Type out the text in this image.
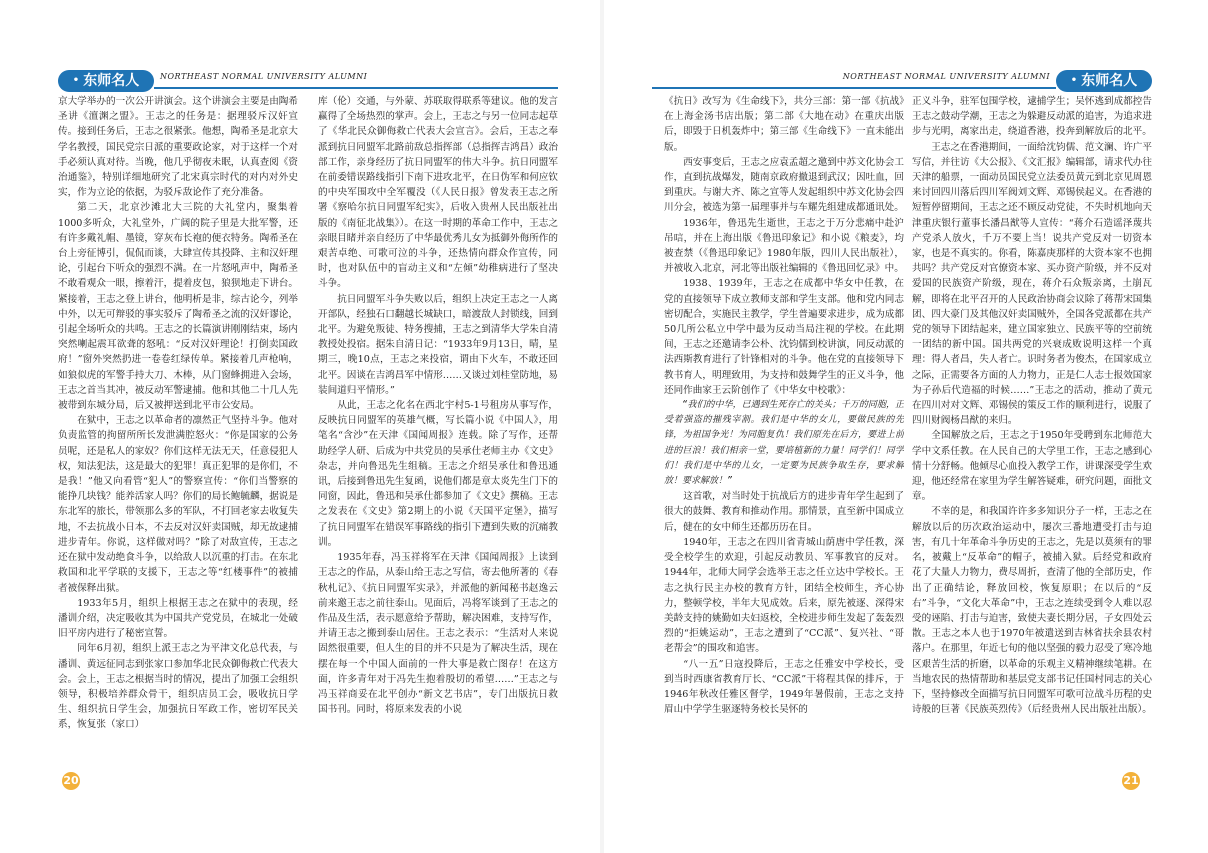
• 东师名人	NORTHEAST NORMAL UNIVERSITY ALUMNI

京大学举办的一次公开讲演会。这个讲演会主要是由陶希圣讲《澶渊之盟》。王志之的任务是：据理驳斥汉奸宣传。接到任务后，王志之很紧张。他想，陶希圣是北京大学名教授，国民党宗日派的重要政论家，对于这样一个对手必须认真对待。当晚，他几乎彻夜未眠，认真查阅《资治通鉴》，特别详细地研究了北宋真宗时代的对内对外史实，作为立论的依据，为驳斥敌论作了充分准备。

第二天，北京沙滩北大三院的大礼堂内，聚集着1000多听众，大礼堂外，广阔的院子里是大批军警，还有许多戴礼帽、墨镜，穿灰布长袍的便衣特务。陶希圣在台上旁征博引，侃侃而谈，大肆宣传其投降、主和汉奸理论，引起台下听众的强烈不满。在一片怒吼声中，陶希圣不敢看观众一眼，擦着汗，提着皮包，狼狈地走下讲台。紧接着，王志之登上讲台，他明析是非，综古论今，列举中外，以无可辩驳的事实驳斥了陶希圣之流的汉奸谬论，引起全场听众的共鸣。王志之的长篇演讲刚刚结束，场内突然喇起震耳欲聋的怒吼：“反对汉奸理论！打倒卖国政府！”窗外突然扔进一卷卷红绿传单。紧接着几声枪响，如狼似虎的军警手持大刀、木棒，从门窗蜂拥进入会场，王志之首当其冲，被反动军警逮捕。他和其他二十几人先被带到东城分局，后又被押送到北平市公安局。

在狱中，王志之以革命者的凛然正气坚持斗争。他对负责监管的拘留所所长发泄满腔怒火：“你是国家的公务员呢，还是私人的家奴？你们这样无法无天，任意侵犯人权，知法犯法，这是最大的犯罪！真正犯罪的是你们，不是我！”他又向看管“犯人”的警察宣传：“你们当警察的能挣几块钱？能养活家人吗？你们的局长鲍毓麟，据说是东北军的旅长，带领那么多的军队，不打回老家去收复失地，不去抗战小日本，不去反对汉奸卖国贼，却无故逮捕进步青年。你说，这样做对吗？”除了对敌宣传，王志之还在狱中发动绝食斗争，以给敌人以沉重的打击。在东北救国和北平学联的支援下，王志之等“红楼事件”的被捕者被保释出狱。

1933年5月，组织上根据王志之在狱中的表现，经潘训介绍，决定吸收其为中国共产党党员，在城北一处破旧平房内进行了秘密宣誓。

同年6月初，组织上派王志之为平津文化总代表，与潘训、黄远征同志到张家口参加华北民众御侮救亡代表大会。会上，王志之根据当时的情况，提出了加强工会组织领导，积极培养群众骨干，组织店员工会，吸收抗日学生、组织抗日学生会，加强抗日军政工作，密切军民关系，恢复张（家口）

库（伦）交通，与外蒙、苏联取得联系等建议。他的发言赢得了全场热烈的掌声。会上，王志之与另一位同志起草了《华北民众御侮救亡代表大会宣言》。会后，王志之奉派到抗日同盟军北路前敌总指挥部（总指挥吉鸿昌）政治部工作，亲身经历了抗日同盟军的伟大斗争。抗日同盟军在前委错误路线指引下南下进攻北平，在日伪军和何应钦的中央军围攻中全军覆没（《人民日报》曾发表王志之所署《察哈尔抗日同盟军纪实》，后收入贵州人民出版社出版的《南征北战集》）。在这一时期的革命工作中，王志之亲眼目睹并亲自经历了中华最优秀儿女为抵御外侮所作的艰苦卓绝、可歌可泣的斗争，还热情向群众作宣传，同时，也对队伍中的盲动主义和“左倾”幼稚病进行了坚决斗争。

抗日同盟军斗争失败以后，组织上决定王志之一人离开部队，经独石口翻越长城缺口，暗渡敌人封锁线，回到北平。为避免叛徒、特务搜捕，王志之到清华大学朱自清教授处投宿。据朱自清日记：“1933年9月13日，晴，星期三，晚10点，王志之来投宿，谓由下火车，不敢还回北平。因谈在吉鸿昌军中情形……又谈过刘桂堂防地，易装间道归平情形。”

从此，王志之化名在西北宇村5-1号租房从事写作，反映抗日同盟军的英雄气概，写长篇小说《中国人》，用笔名“含沙”在天津《国闻周报》连载。除了写作，还帮助经学人研、后成为中共党员的吴承仕老师主办《文史》杂志，并向鲁迅先生组稿。王志之介绍吴承仕和鲁迅通讯，后接到鲁迅先生复函，说他们都是章太炎先生门下的同窗，因此，鲁迅和吴承仕都参加了《文史》撰稿。王志之发表在《文史》第2期上的小说《天国平定堡》，描写了抗日同盟军在错误军事路线的指引下遭到失败的沉痛教训。

1935年春，冯玉祥将军在天津《国闻周报》上读到王志之的作品，从泰山给王志之写信，寄去他所著的《春秋札记》、《抗日同盟军实录》，并派他的新闻秘书赵逸云前来邀王志之前往泰山。见面后，冯将军谈到了王志之的作品及生活，表示愿意给予帮助，解决困难，支持写作，并请王志之搬到泰山居住。王志之表示：“生活对人来说固然很重要，但人生的目的并不只是为了解决生活，现在摆在每一个中国人面前的一件大事是救亡图存！在这方面，许多青年对于冯先生抱着殷切的希望……”王志之与冯玉祥商妥在北平创办“新文艺书店”，专门出版抗日救国书刊。同时，将原来发表的小说

20
NORTHEAST NORMAL UNIVERSITY ALUMNI	• 东师名人

《抗日》改写为《生命线下》，共分三部：第一部《抗战》在上海金汤书店出版；第二部《大地在动》在重庆出版后，即毁于日机轰炸中；第三部《生命线下》一直未能出版。

西安事变后，王志之应袁孟超之邀到中苏文化协会工作，直到抗战爆发，随南京政府撤退到武汉；因吐血，回到重庆。与谢大齐、陈之宣等人发起组织中苏文化协会四川分会，被选为第一届理事并与车耀先组建成都通讯处。

1936年，鲁迅先生逝世，王志之于万分悲痛中赴沪吊唁，并在上海出版《鲁迅印象记》和小说《粮麦》，均被查禁（《鲁迅印象记》1980年版，四川人民出版社），并被收入北京，河北等出版社编辑的《鲁迅回忆录》中。

1938、1939年，王志之在成都中华女中任教，在党的直接领导下成立教师支部和学生支部。他和党内同志密切配合，实施民主教学，学生普遍要求进步，成为成都50几所公私立中学中最为反动当局注视的学校。在此期间，王志之还邀请李公朴、沈钧儒到校讲演，同反动派的法西斯教育进行了针锋相对的斗争。他在党的直接领导下教书育人，明理致用，为支持和鼓舞学生的正义斗争，他还同作曲家王云阶创作了《中华女中校歌》：

“我们的中华，已遇到生死存亡的关头；千万的同胞，正受着强盗的摧残宰割。我们是中华的女儿，要做民族的先锋，为祖国争光！为同胞复仇！我们原先在后方，要进上前进的巨浪！我们相亲一堂，要培植新的力量！同学们！同学们！我们是中华的儿女，一定要为民族争取生存，要求解放！要求解放！”

这首歌，对当时处于抗战后方的进步青年学生起到了很大的鼓舞、教育和推动作用。那情景，直至新中国成立后，健在的女中师生还都历历在目。

1940年，王志之在四川省青城山荫唐中学任教，深受全校学生的欢迎，引起反动教员、军事教官的反对。1944年，北师大同学会选举王志之任立达中学校长。王志之执行民主办校的教育方针，团结全校师生，齐心协力，整顿学校，半年大见成效。后来，原先被逐、深得宋美龄支持的姚勤如夫妇返校，全校进步师生发起了轰轰烈烈的“拒姚运动”，王志之遭到了“CC派”、复兴社、“哥老帮会”的围攻和追害。

“八一五”日寇投降后，王志之任雅安中学校长，受到当时西康省教育厅长、“CC派”干将程其保的排斥，于1946年秋改任雅区督学，1949年暑假前，王志之支持眉山中学学生驱逐特务校长吴怀的

正义斗争，驻军包围学校，逮捕学生；吴怀逃到成都控告王志之鼓动学潮，王志之为躲避反动派的追害，为追求进步与光明，离家出走，绕道香港，投奔到解放后的北平。

王志之在香港期间，一面给沈钧儒、范文澜、许广平写信，并往访《大公报》、《文汇报》编辑部，请求代办往天津的船票，一面动员国民党立法委员黄元到北京见周恩来讨回四川落后四川军阀刘文辉、邓锡侯起义。在香港的短暂停留期间，王志之还不顾反动党徒，不失时机地向天津重庆银行董事长潘昌猷等人宣传：“蒋介石造谣泽蔑共产党杀人放火，千万不要上当！说共产党反对一切资本家，也是不真实的。你看，陈嘉庚那样的大资本家不也拥共吗？共产党反对官僚资本家、买办资产阶级，并不反对爱国的民族资产阶级，现在，蒋介石众叛亲离，土崩瓦解，即将在北平召开的人民政治协商会议除了蒋帮宋国集团、四大豪门及其他汉奸卖国贼外，全国各党派都在共产党的领导下团结起来，建立国家独立、民族平等的空前统一团结的新中国。国共两党的兴衰成败说明这样一个真理：得人者昌，失人者亡。识时务者为俊杰，在国家成立之际，正需要各方面的人力物力，正是仁人志士报效国家为子孙后代造福的时候……”王志之的活动，推动了黄元在四川对对文辉、邓锡侯的策反工作的顺利进行，说服了四川财阀杨昌猷的来归。

全国解放之后，王志之于1950年受聘到东北师范大学中文系任教。在人民自己的大学里工作，王志之感到心情十分舒畅。他倾尽心血投入教学工作，讲课深受学生欢迎，他还经常在家里为学生解答疑难，研究问题，面批文章。

不幸的是，和我国许许多多知识分子一样，王志之在解放以后的历次政治运动中，屡次三番地遭受打击与迫害，有几十年革命斗争历史的王志之，先是以莫须有的罪名，被戴上“反革命”的帽子，被捕入狱。后经党和政府花了大量人力物力，费尽周折，查清了他的全部历史，作出了正确结论，释放回校，恢复原职；在以后的“反右”斗争，“文化大革命”中，王志之连续受到令人难以忍受的诬陷、打击与迫害，致使夫妻长期分居，子女四处云散。王志之本人也于1970年被遣送到吉林省扶余县农村落户。在那里，年近七旬的他以坚强的毅力忍受了寒冷地区艰苦生活的折磨，以革命的乐观主义精神继续笔耕。在当地农民的热情帮助和基层党支部书记任国村同志的关心下，坚持修改全面描写抗日同盟军可歌可泣战斗历程的史诗般的巨著《民族英烈传》（后经贵州人民出版社出版）。

21
